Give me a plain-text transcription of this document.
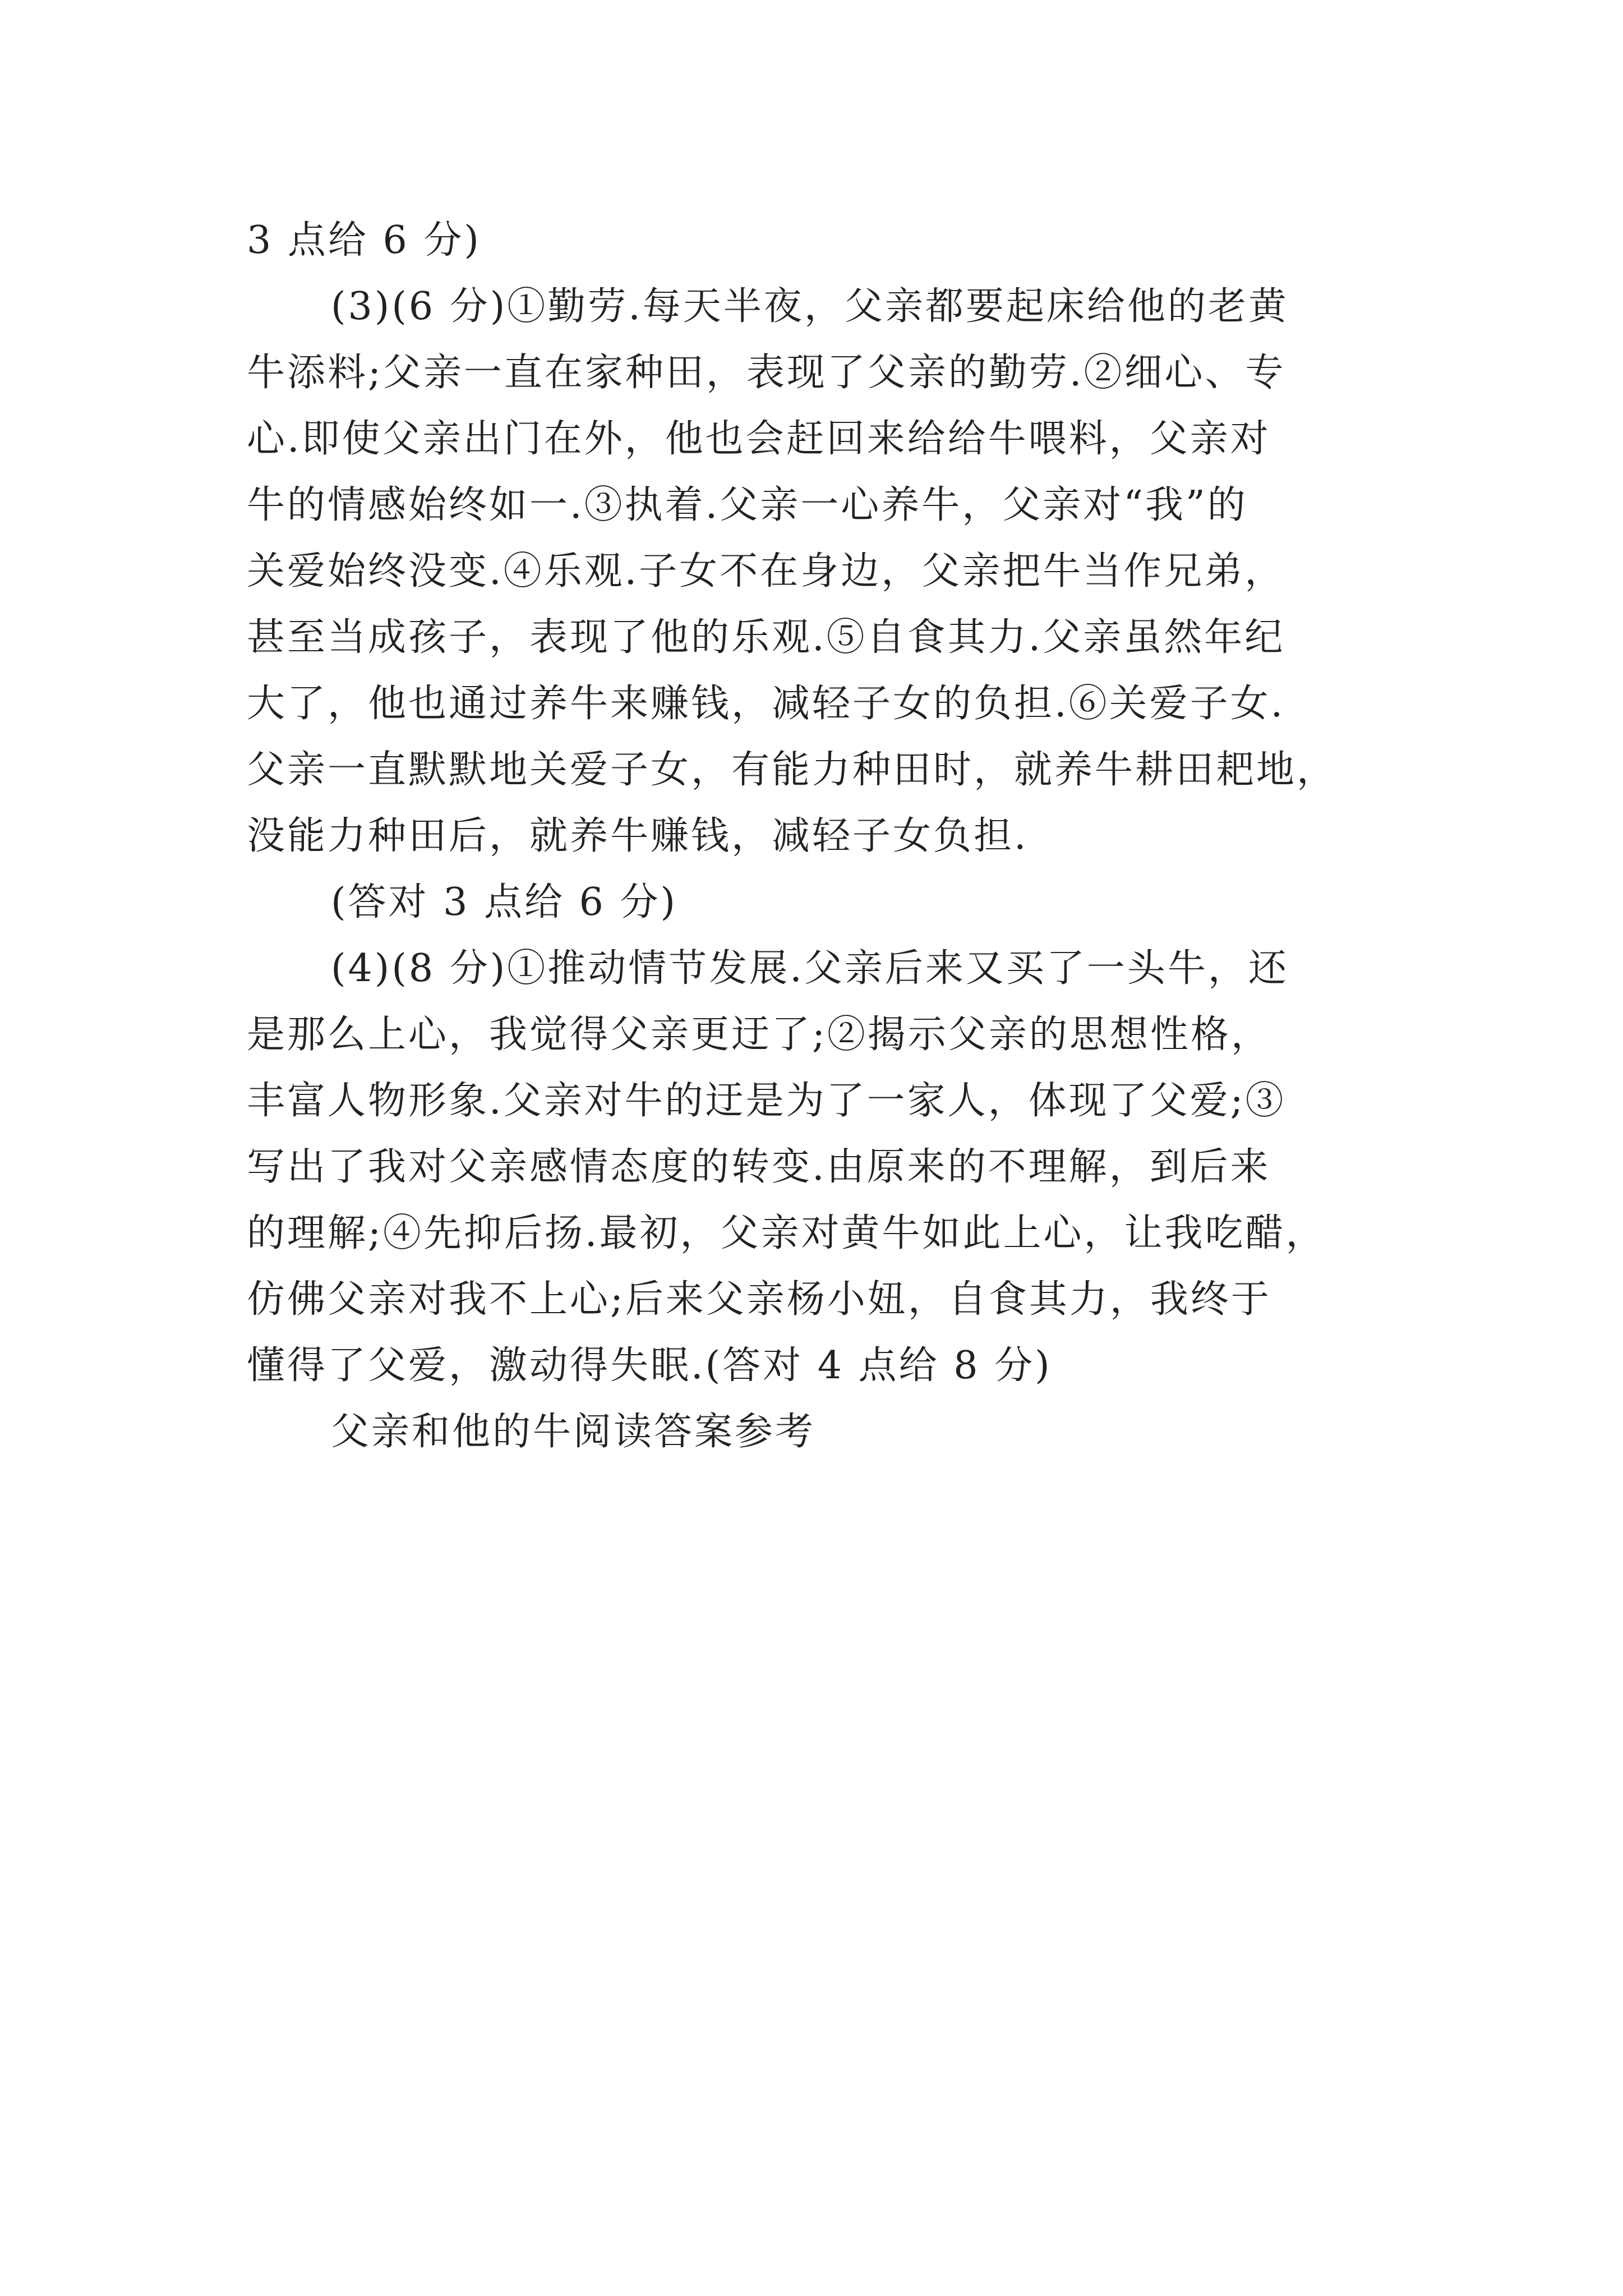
3 点给 6 分)
(3)(6 分)①勤劳.每天半夜，父亲都要起床给他的老黄
牛添料;父亲一直在家种田，表现了父亲的勤劳.②细心、专
心.即使父亲出门在外，他也会赶回来给给牛喂料，父亲对
牛的情感始终如一.③执着.父亲一心养牛，父亲对“我”的
关爱始终没变.④乐观.子女不在身边，父亲把牛当作兄弟，
甚至当成孩子，表现了他的乐观.⑤自食其力.父亲虽然年纪
大了，他也通过养牛来赚钱，减轻子女的负担.⑥关爱子女.
父亲一直默默地关爱子女，有能力种田时，就养牛耕田耙地，
没能力种田后，就养牛赚钱，减轻子女负担.
(答对 3 点给 6 分)
(4)(8 分)①推动情节发展.父亲后来又买了一头牛，还
是那么上心，我觉得父亲更迂了;②揭示父亲的思想性格，
丰富人物形象.父亲对牛的迂是为了一家人，体现了父爱;③
写出了我对父亲感情态度的转变.由原来的不理解，到后来
的理解;④先抑后扬.最初，父亲对黄牛如此上心，让我吃醋，
仿佛父亲对我不上心;后来父亲杨小妞，自食其力，我终于
懂得了父爱，激动得失眠.(答对 4 点给 8 分)
父亲和他的牛阅读答案参考
